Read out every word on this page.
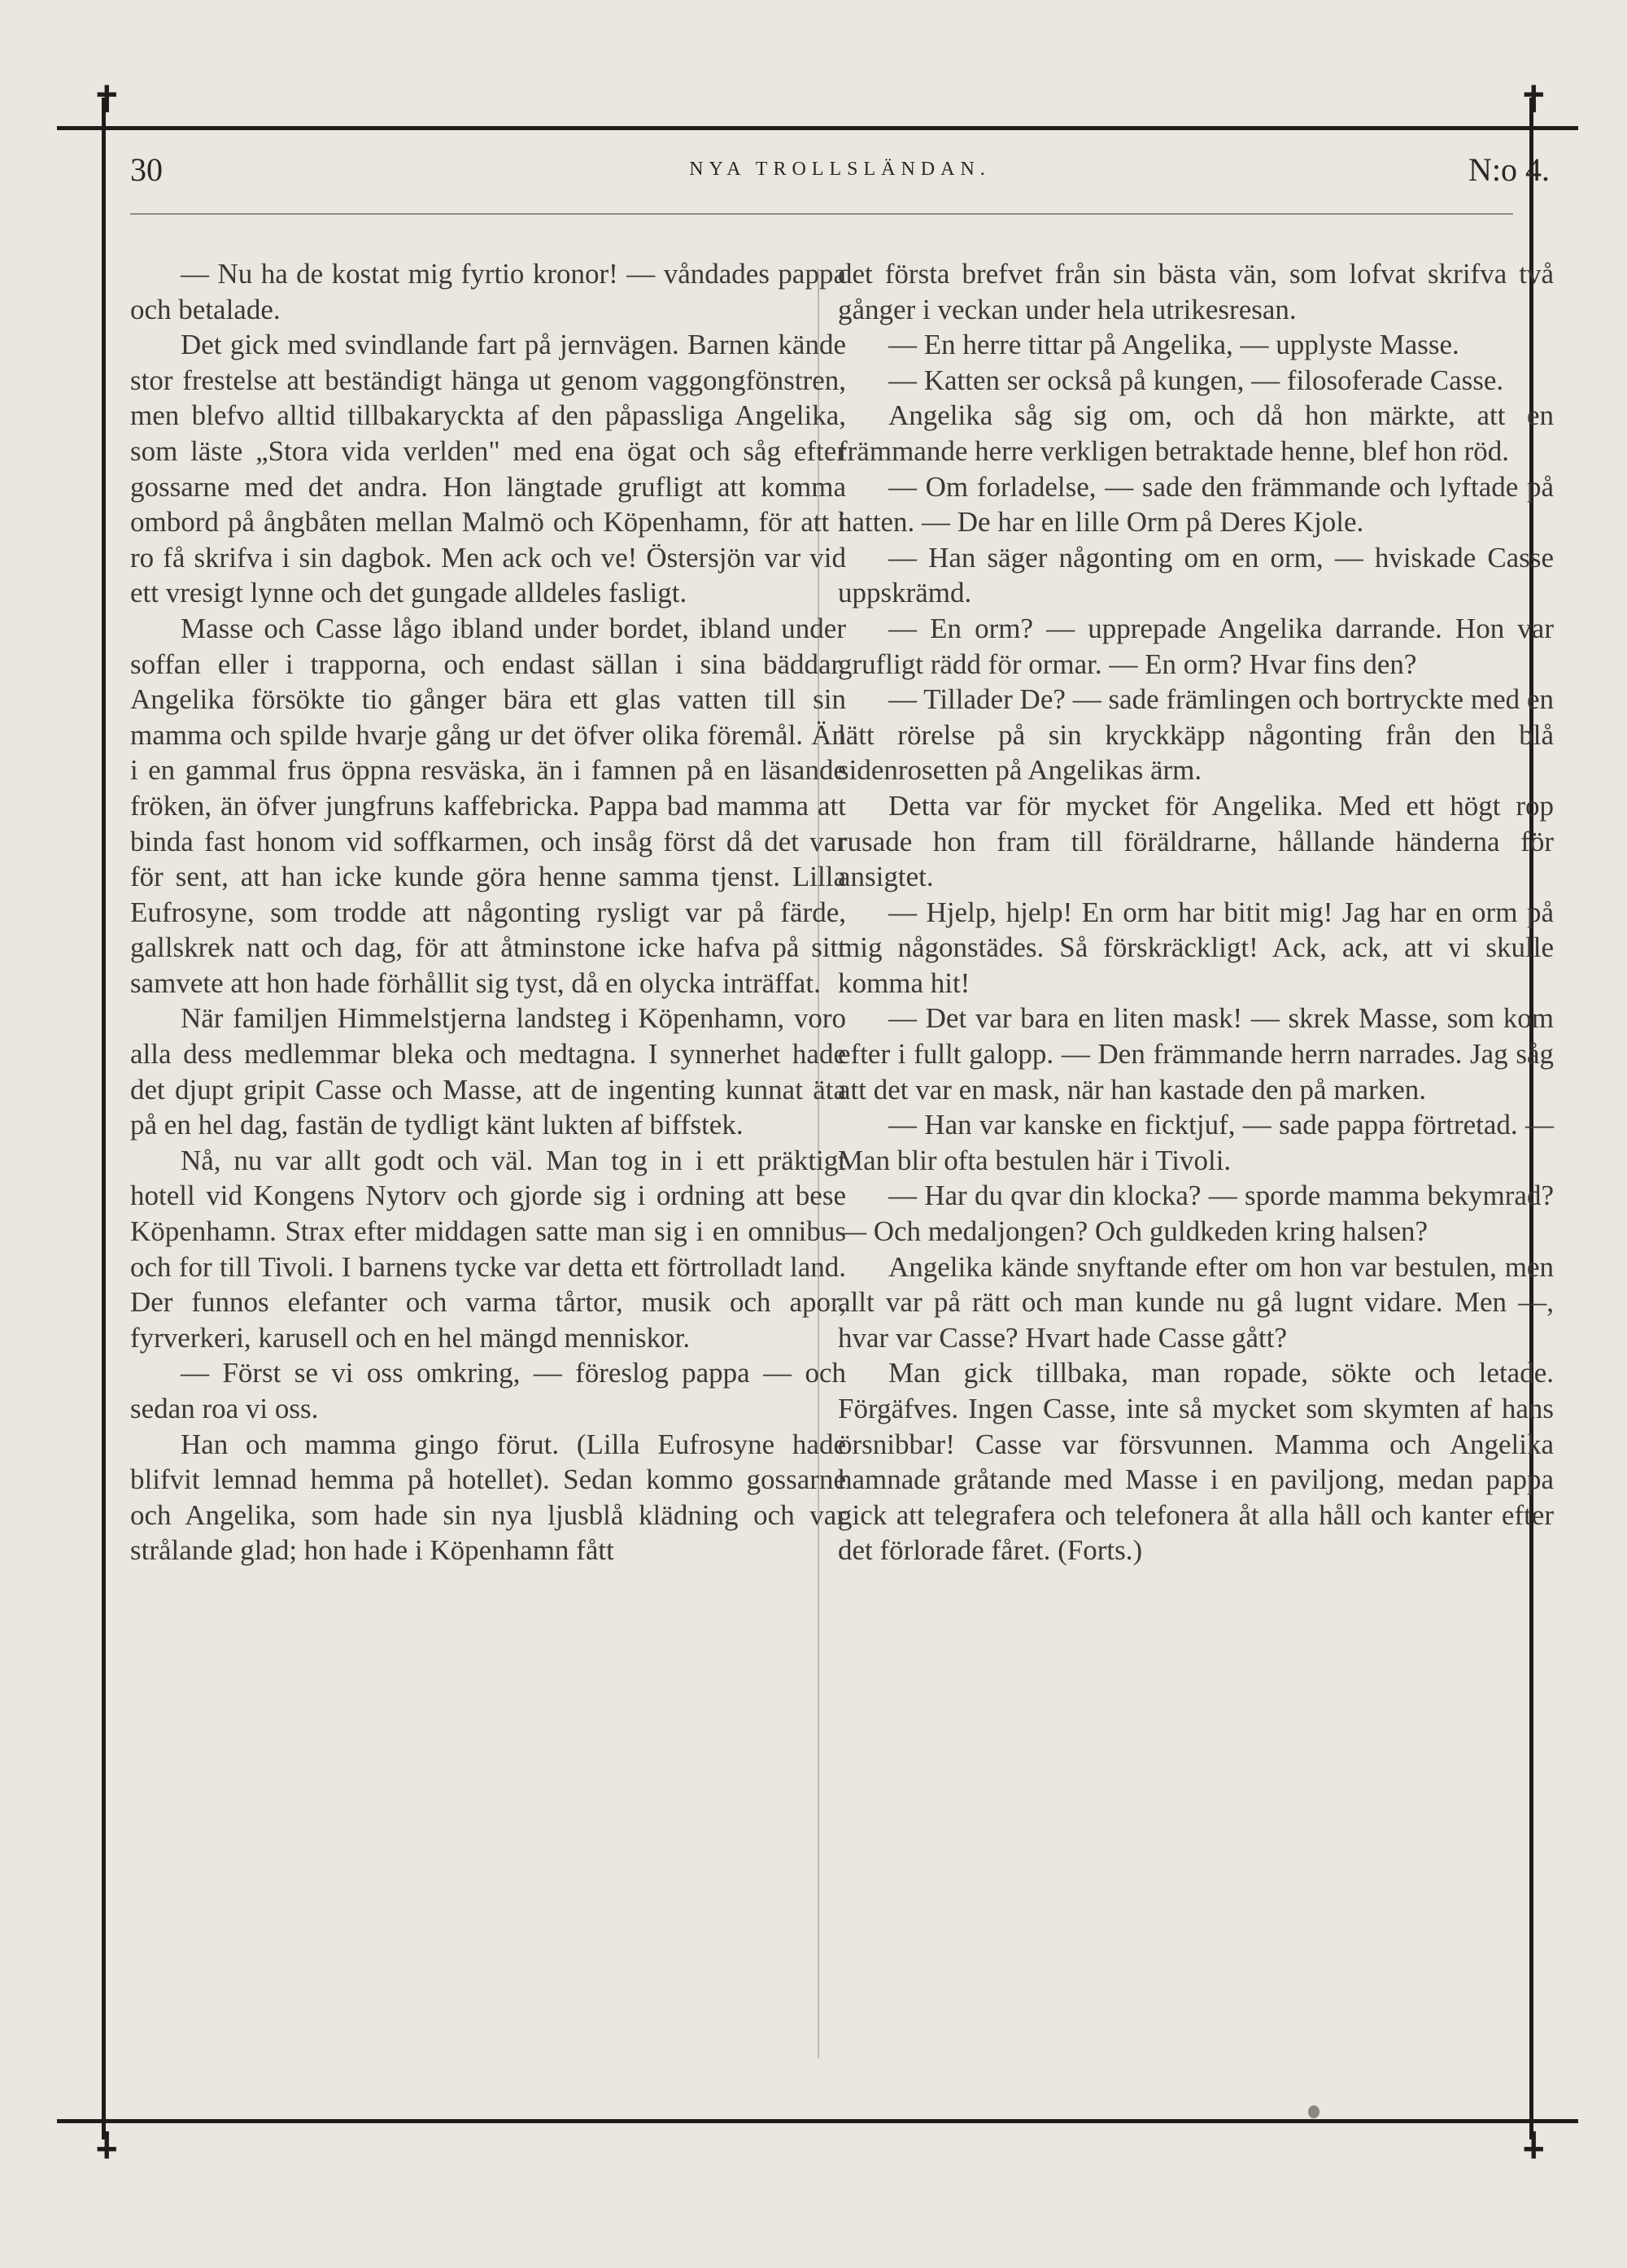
✝	✝
✝	✝
30	NYA TROLLSLÄNDAN.	N:o 4.

— Nu ha de kostat mig fyrtio kronor! — våndades pappa och betalade.

Det gick med svindlande fart på jernvägen. Barnen kände stor frestelse att beständigt hänga ut genom vaggongfönstren, men blefvo alltid tillbakaryckta af den påpassliga Angelika, som läste „Stora vida verlden" med ena ögat och såg efter gossarne med det andra. Hon längtade grufligt att komma ombord på ångbåten mellan Malmö och Köpenhamn, för att i ro få skrifva i sin dagbok. Men ack och ve! Östersjön var vid ett vresigt lynne och det gungade alldeles fasligt.

Masse och Casse lågo ibland under bordet, ibland under soffan eller i trapporna, och endast sällan i sina bäddar. Angelika försökte tio gånger bära ett glas vatten till sin mamma och spilde hvarje gång ur det öfver olika föremål. Än i en gammal frus öppna resväska, än i famnen på en läsande fröken, än öfver jungfruns kaffebricka. Pappa bad mamma att binda fast honom vid soffkarmen, och insåg först då det var för sent, att han icke kunde göra henne samma tjenst. Lilla Eufrosyne, som trodde att någonting rysligt var på färde, gallskrek natt och dag, för att åtminstone icke hafva på sitt samvete att hon hade förhållit sig tyst, då en olycka inträffat.

När familjen Himmelstjerna landsteg i Köpenhamn, voro alla dess medlemmar bleka och medtagna. I synnerhet hade det djupt gripit Casse och Masse, att de ingenting kunnat äta på en hel dag, fastän de tydligt känt lukten af biffstek.

Nå, nu var allt godt och väl. Man tog in i ett präktigt hotell vid Kongens Nytorv och gjorde sig i ordning att bese Köpenhamn. Strax efter middagen satte man sig i en omnibus och for till Tivoli. I barnens tycke var detta ett förtrolladt land. Der funnos elefanter och varma tårtor, musik och apor, fyrverkeri, karusell och en hel mängd menniskor.

— Först se vi oss omkring, — föreslog pappa — och sedan roa vi oss.

Han och mamma gingo förut. (Lilla Eufrosyne hade blifvit lemnad hemma på hotellet). Sedan kommo gossarne och Angelika, som hade sin nya ljusblå klädning och var strålande glad; hon hade i Köpenhamn fått

det första brefvet från sin bästa vän, som lofvat skrifva två gånger i veckan under hela utrikesresan.

— En herre tittar på Angelika, — upplyste Masse.

— Katten ser också på kungen, — filosoferade Casse.

Angelika såg sig om, och då hon märkte, att en främmande herre verkligen betraktade henne, blef hon röd.

— Om forladelse, — sade den främmande och lyftade på hatten. — De har en lille Orm på Deres Kjole.

— Han säger någonting om en orm, — hviskade Casse uppskrämd.

— En orm? — upprepade Angelika darrande. Hon var grufligt rädd för ormar. — En orm? Hvar fins den?

— Tillader De? — sade främlingen och bortryckte med en lätt rörelse på sin kryckkäpp någonting från den blå sidenrosetten på Angelikas ärm.

Detta var för mycket för Angelika. Med ett högt rop rusade hon fram till föräldrarne, hållande händerna för ansigtet.

— Hjelp, hjelp! En orm har bitit mig! Jag har en orm på mig någonstädes. Så förskräckligt! Ack, ack, att vi skulle komma hit!

— Det var bara en liten mask! — skrek Masse, som kom efter i fullt galopp. — Den främmande herrn narrades. Jag såg att det var en mask, när han kastade den på marken.

— Han var kanske en ficktjuf, — sade pappa förtretad. — Man blir ofta bestulen här i Tivoli.

— Har du qvar din klocka? — sporde mamma bekymrad? — Och medaljongen? Och guldkeden kring halsen?

Angelika kände snyftande efter om hon var bestulen, men allt var på rätt och man kunde nu gå lugnt vidare. Men —, hvar var Casse? Hvart hade Casse gått?

Man gick tillbaka, man ropade, sökte och letade. Förgäfves. Ingen Casse, inte så mycket som skymten af hans örsnibbar! Casse var försvunnen. Mamma och Angelika hamnade gråtande med Masse i en paviljong, medan pappa gick att telegrafera och telefonera åt alla håll och kanter efter det förlorade fåret. (Forts.)
